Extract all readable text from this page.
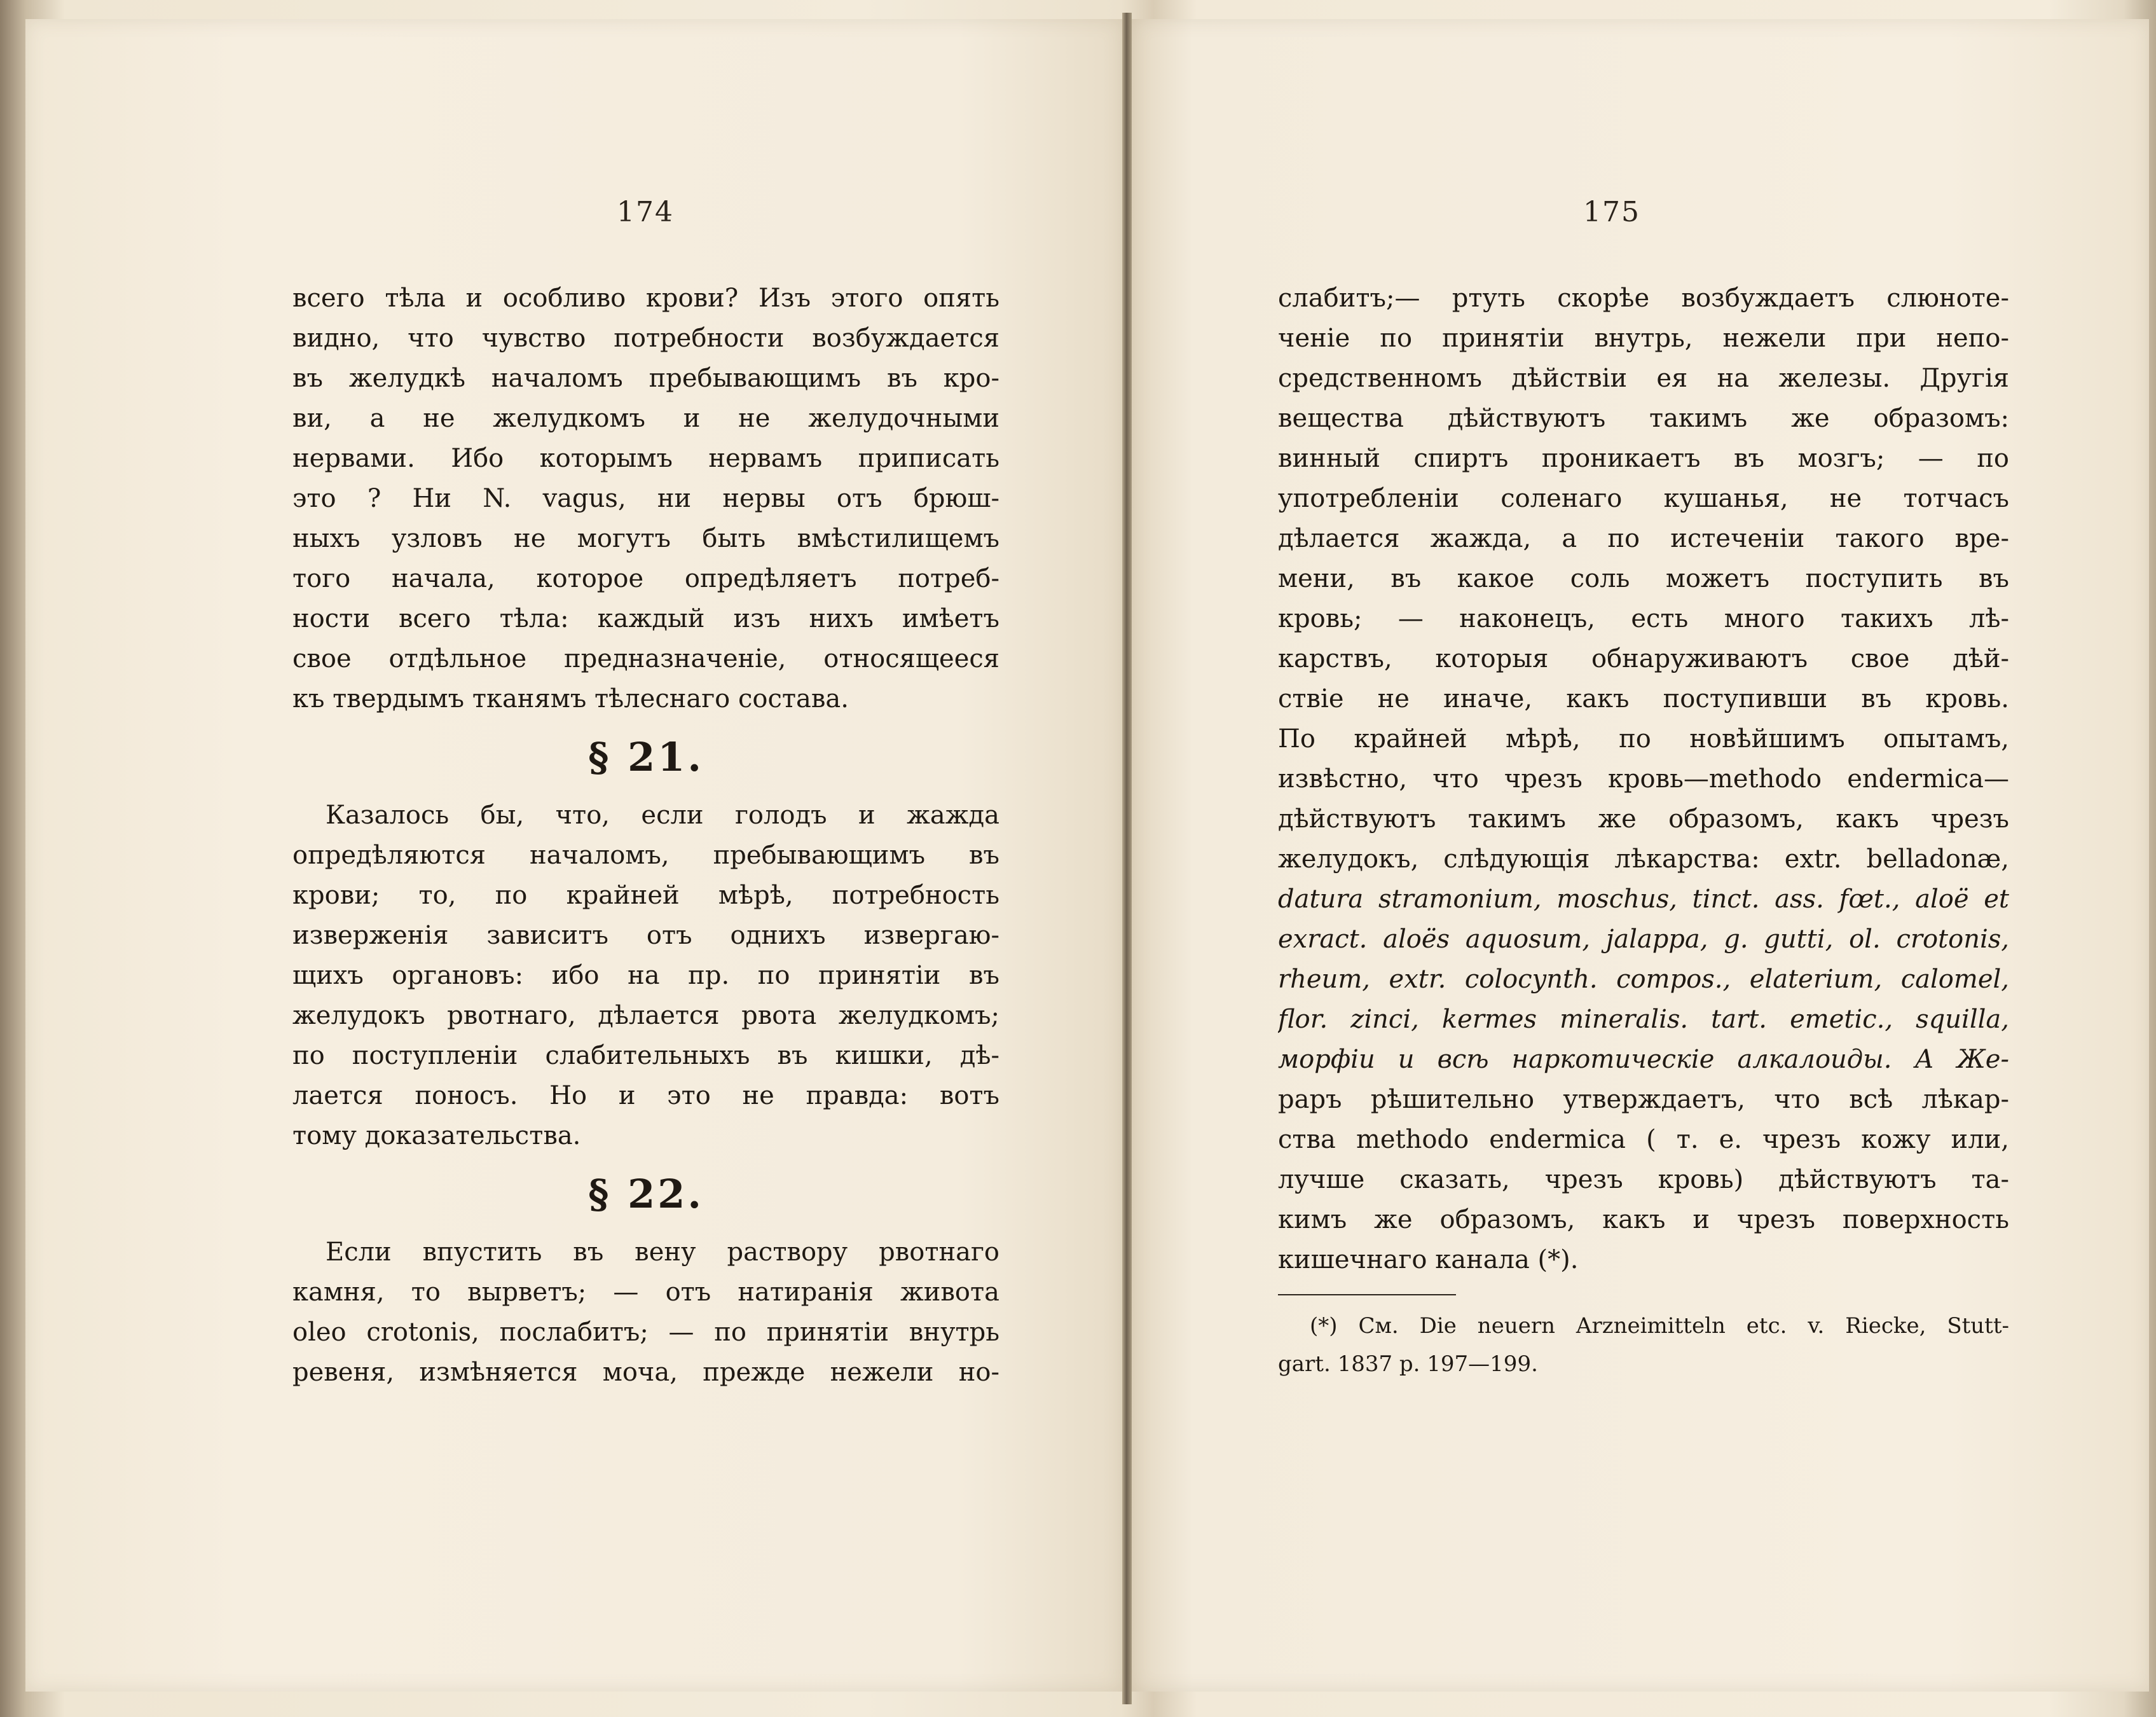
174
всего тѣла и особливо крови? Изъ этого опять
видно, что чувство потребности возбуждается
въ желудкѣ началомъ пребывающимъ въ кро-
ви, а не желудкомъ и не желудочными
нервами. Ибо которымъ нервамъ приписать
это ? Ни N. vagus, ни нервы отъ брюш-
ныхъ узловъ не могутъ быть вмѣстилищемъ
того начала, которое опредѣляетъ потреб-
ности всего тѣла: каждый изъ нихъ имѣетъ
свое отдѣльное предназначеніе, относящееся
къ твердымъ тканямъ тѣлеснаго состава.
§ 21.
Казалось бы, что, если голодъ и жажда
опредѣляются началомъ, пребывающимъ въ
крови; то, по крайней мѣрѣ, потребность
изверженія зависитъ отъ однихъ извергаю-
щихъ органовъ: ибо на пр. по принятіи въ
желудокъ рвотнаго, дѣлается рвота желудкомъ;
по поступленіи слабительныхъ въ кишки, дѣ-
лается поносъ. Но и это не правда: вотъ
тому доказательства.
§ 22.
Если впустить въ вену раствору рвотнаго
камня, то вырветъ; — отъ натиранія живота
oleo crotonis, послабитъ; — по принятіи внутрь
ревеня, измѣняется моча, прежде нежели но-
175
слабитъ;— ртуть скорѣе возбуждаетъ слюноте-
ченіе по принятіи внутрь, нежели при непо-
средственномъ дѣйствіи ея на железы. Другія
вещества дѣйствуютъ такимъ же образомъ:
винный спиртъ проникаетъ въ мозгъ; — по
употребленіи соленаго кушанья, не тотчасъ
дѣлается жажда, а по истеченіи такого вре-
мени, въ какое соль можетъ поступить въ
кровь; — наконецъ, есть много такихъ лѣ-
карствъ, которыя обнаруживаютъ свое дѣй-
ствіе не иначе, какъ поступивши въ кровь.
По крайней мѣрѣ, по новѣйшимъ опытамъ,
извѣстно, что чрезъ кровь—methodo endermica—
дѣйствуютъ такимъ же образомъ, какъ чрезъ
желудокъ, слѣдующія лѣкарства: extr. belladonæ,
datura stramonium, moschus, tinct. ass. fœt., aloë et
exract. aloës aquosum, jalappa, g. gutti, ol. crotonis,
rheum, extr. colocynth. compos., elaterium, calomel,
flor. zinci, kermes mineralis. tart. emetic., squilla,
морфіи и всѣ наркотическіе алкалоиды. А Же-
раръ рѣшительно утверждаетъ, что всѣ лѣкар-
ства methodo endermica ( т. е. чрезъ кожу или,
лучше сказать, чрезъ кровь) дѣйствуютъ та-
кимъ же образомъ, какъ и чрезъ поверхность
кишечнаго канала (*).
(*) См. Die neuern Arzneimitteln etc. v. Riecke, Stutt-
gart. 1837 р. 197—199.
